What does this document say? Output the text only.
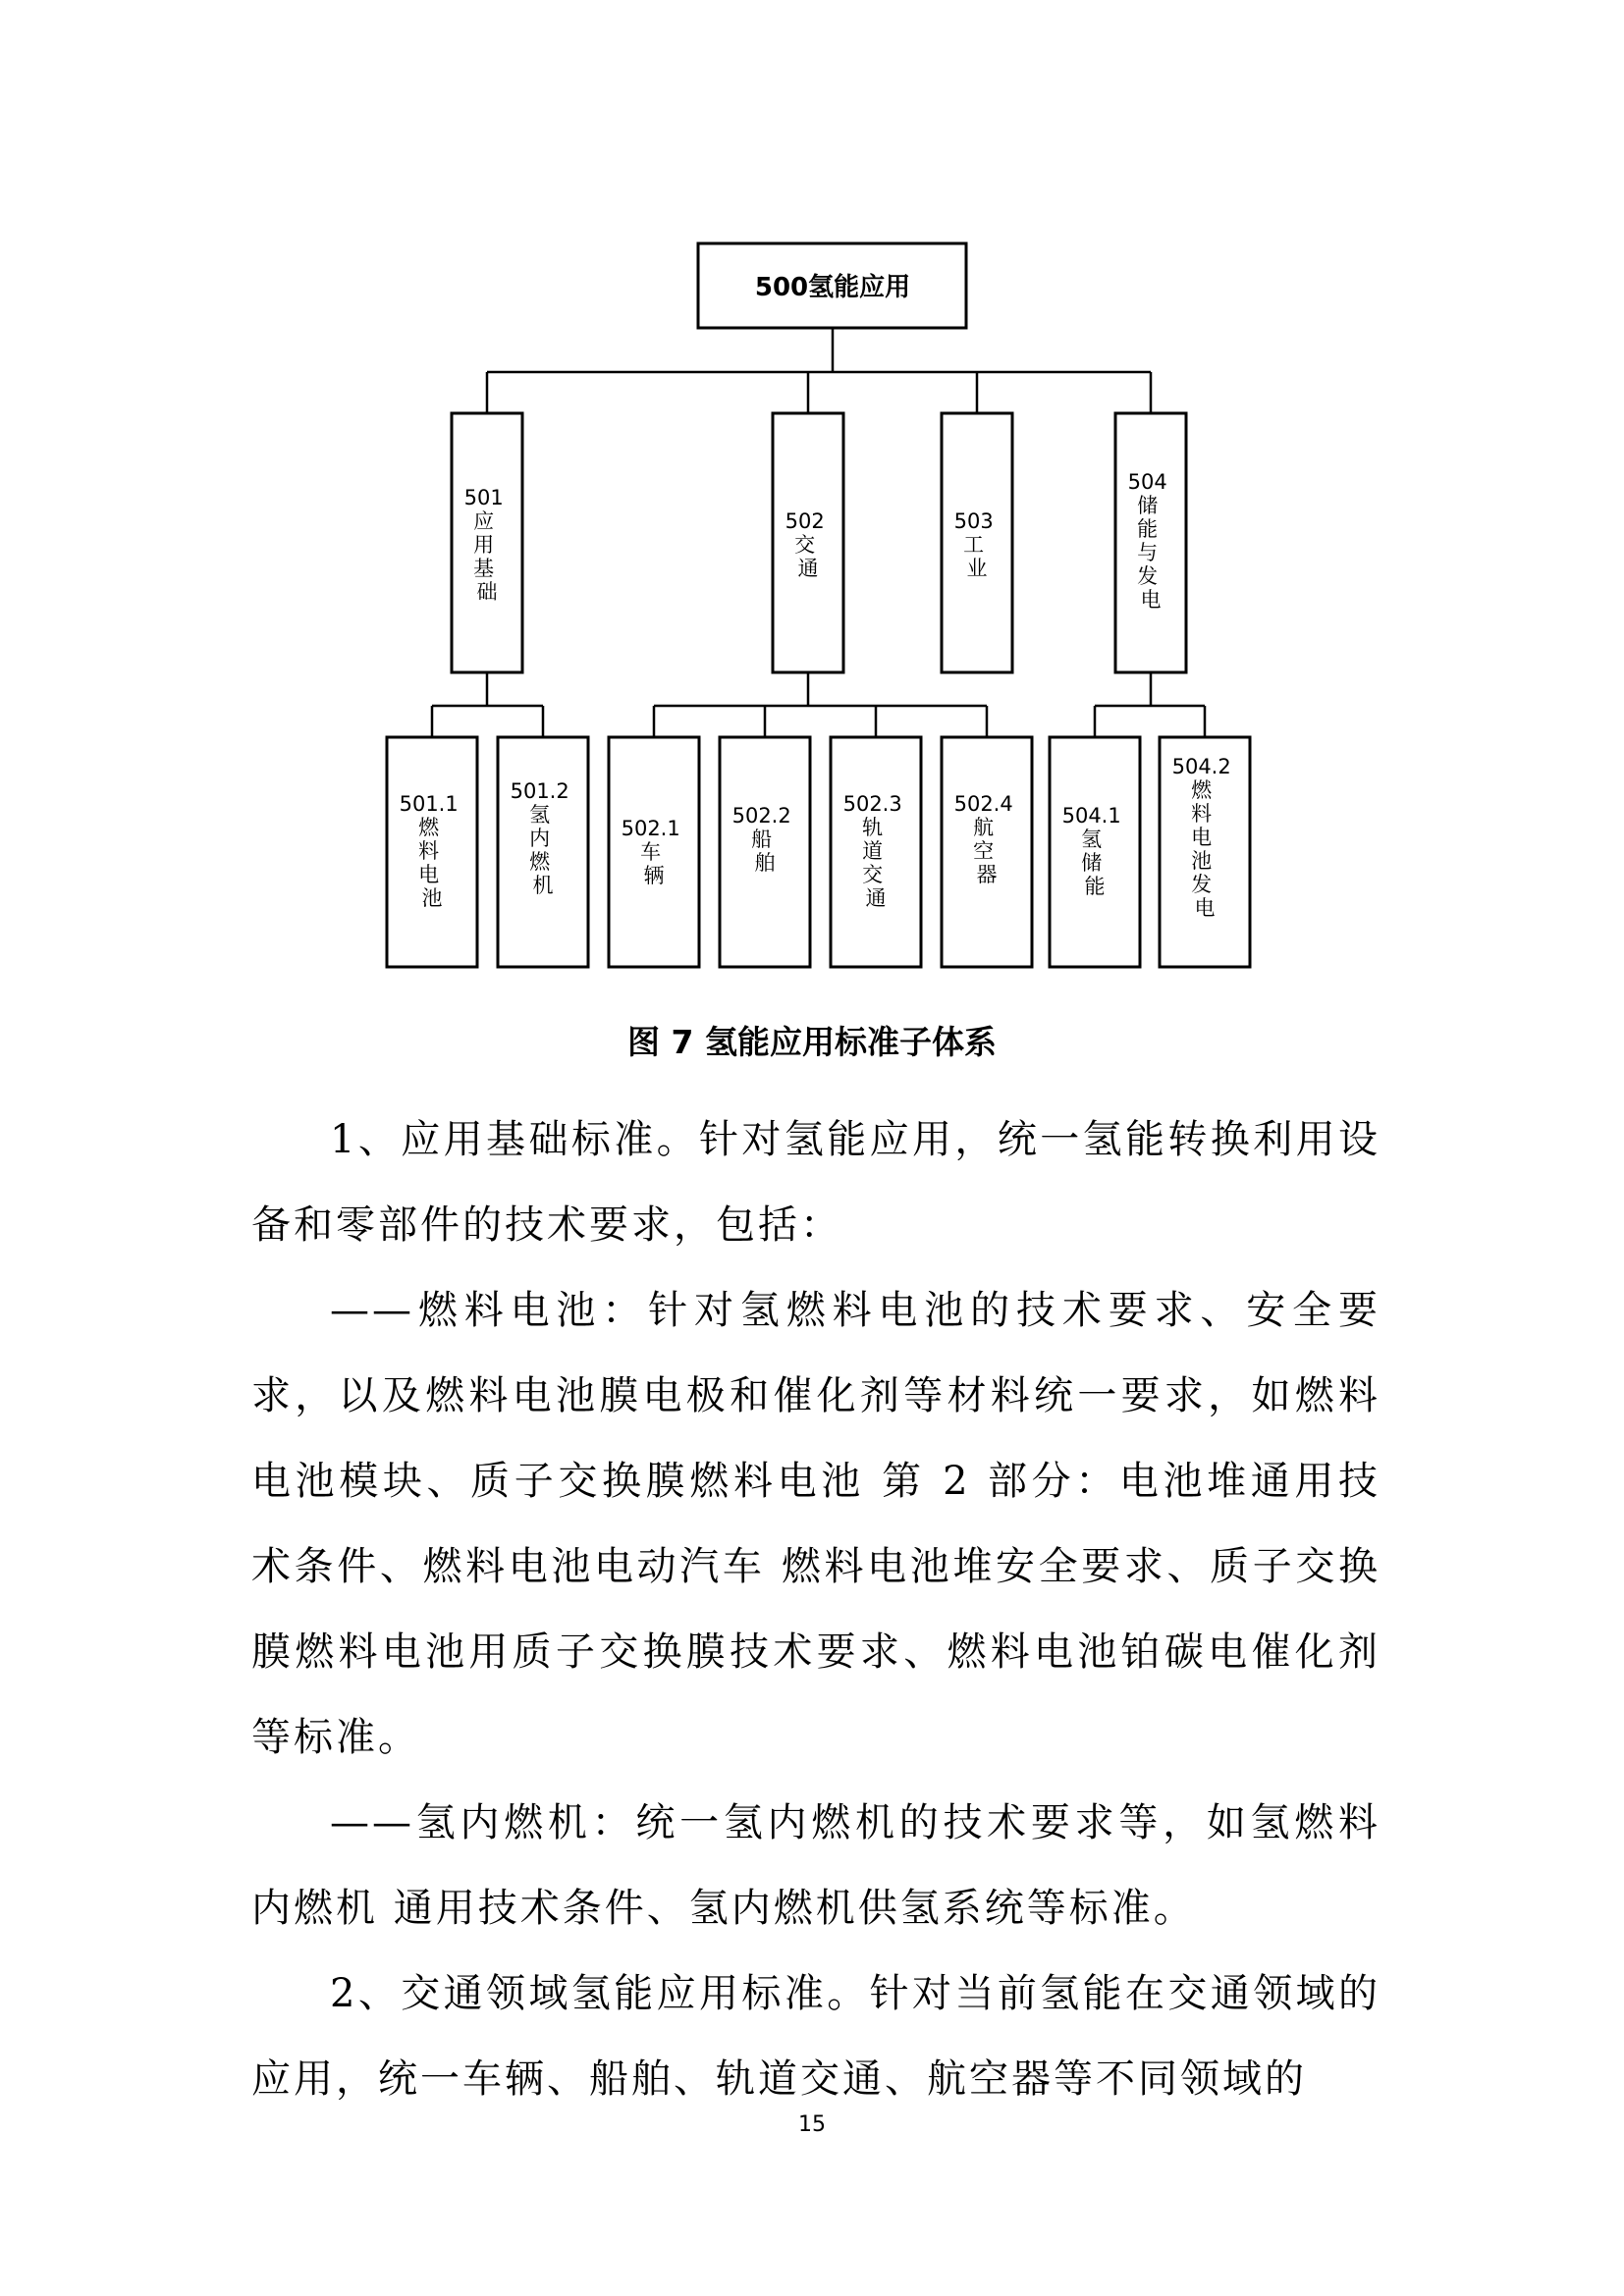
500氢能应用
501 应 用 基 础
502 交 通
503 工 业
504 储 能 与 发 电
501.1 燃 料 电 池
501.2 氢 内 燃 机
502.1 车 辆
502.2 船 舶
502.3 轨 道 交 通
502.4 航 空 器
504.1 氢 储 能
504.2 燃 料 电 池 发 电
图 7 氢能应用标准子体系

1、应用基础标准。针对氢能应用，统一氢能转换利用设备和零部件的技术要求，包括：

——燃料电池：针对氢燃料电池的技术要求、安全要求，以及燃料电池膜电极和催化剂等材料统一要求，如燃料电池模块、质子交换膜燃料电池 第 2 部分：电池堆通用技术条件、燃料电池电动汽车 燃料电池堆安全要求、质子交换膜燃料电池用质子交换膜技术要求、燃料电池铂碳电催化剂等标准。

——氢内燃机：统一氢内燃机的技术要求等，如氢燃料内燃机 通用技术条件、氢内燃机供氢系统等标准。

2、交通领域氢能应用标准。针对当前氢能在交通领域的应用，统一车辆、船舶、轨道交通、航空器等不同领域的

15
